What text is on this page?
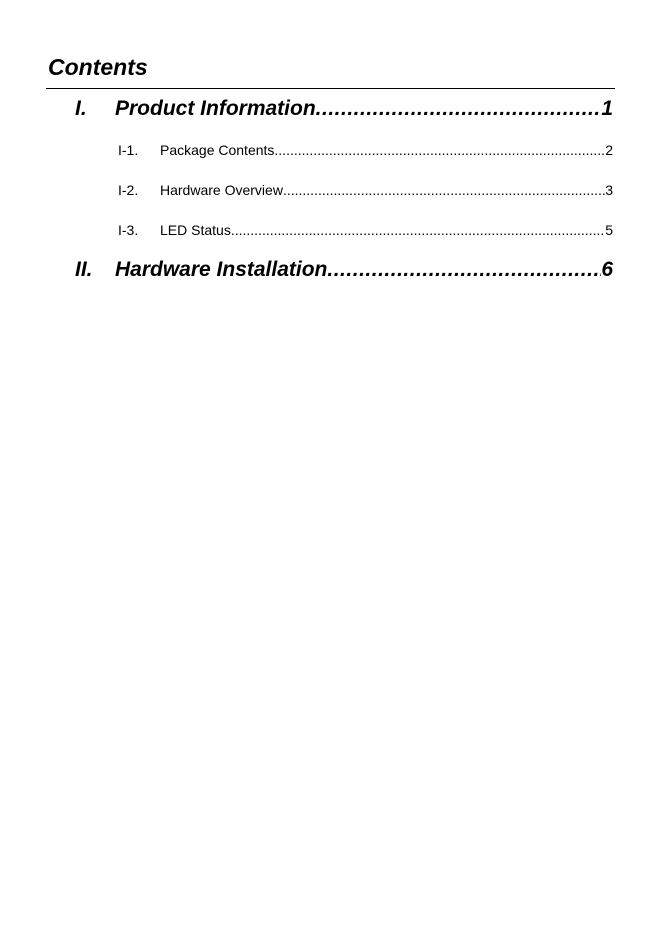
Contents
I.	Product Information .....	1
I-1.	Package Contents .....	2
I-2.	Hardware Overview .....	3
I-3.	LED Status .....	5
II.	Hardware Installation .....	6
